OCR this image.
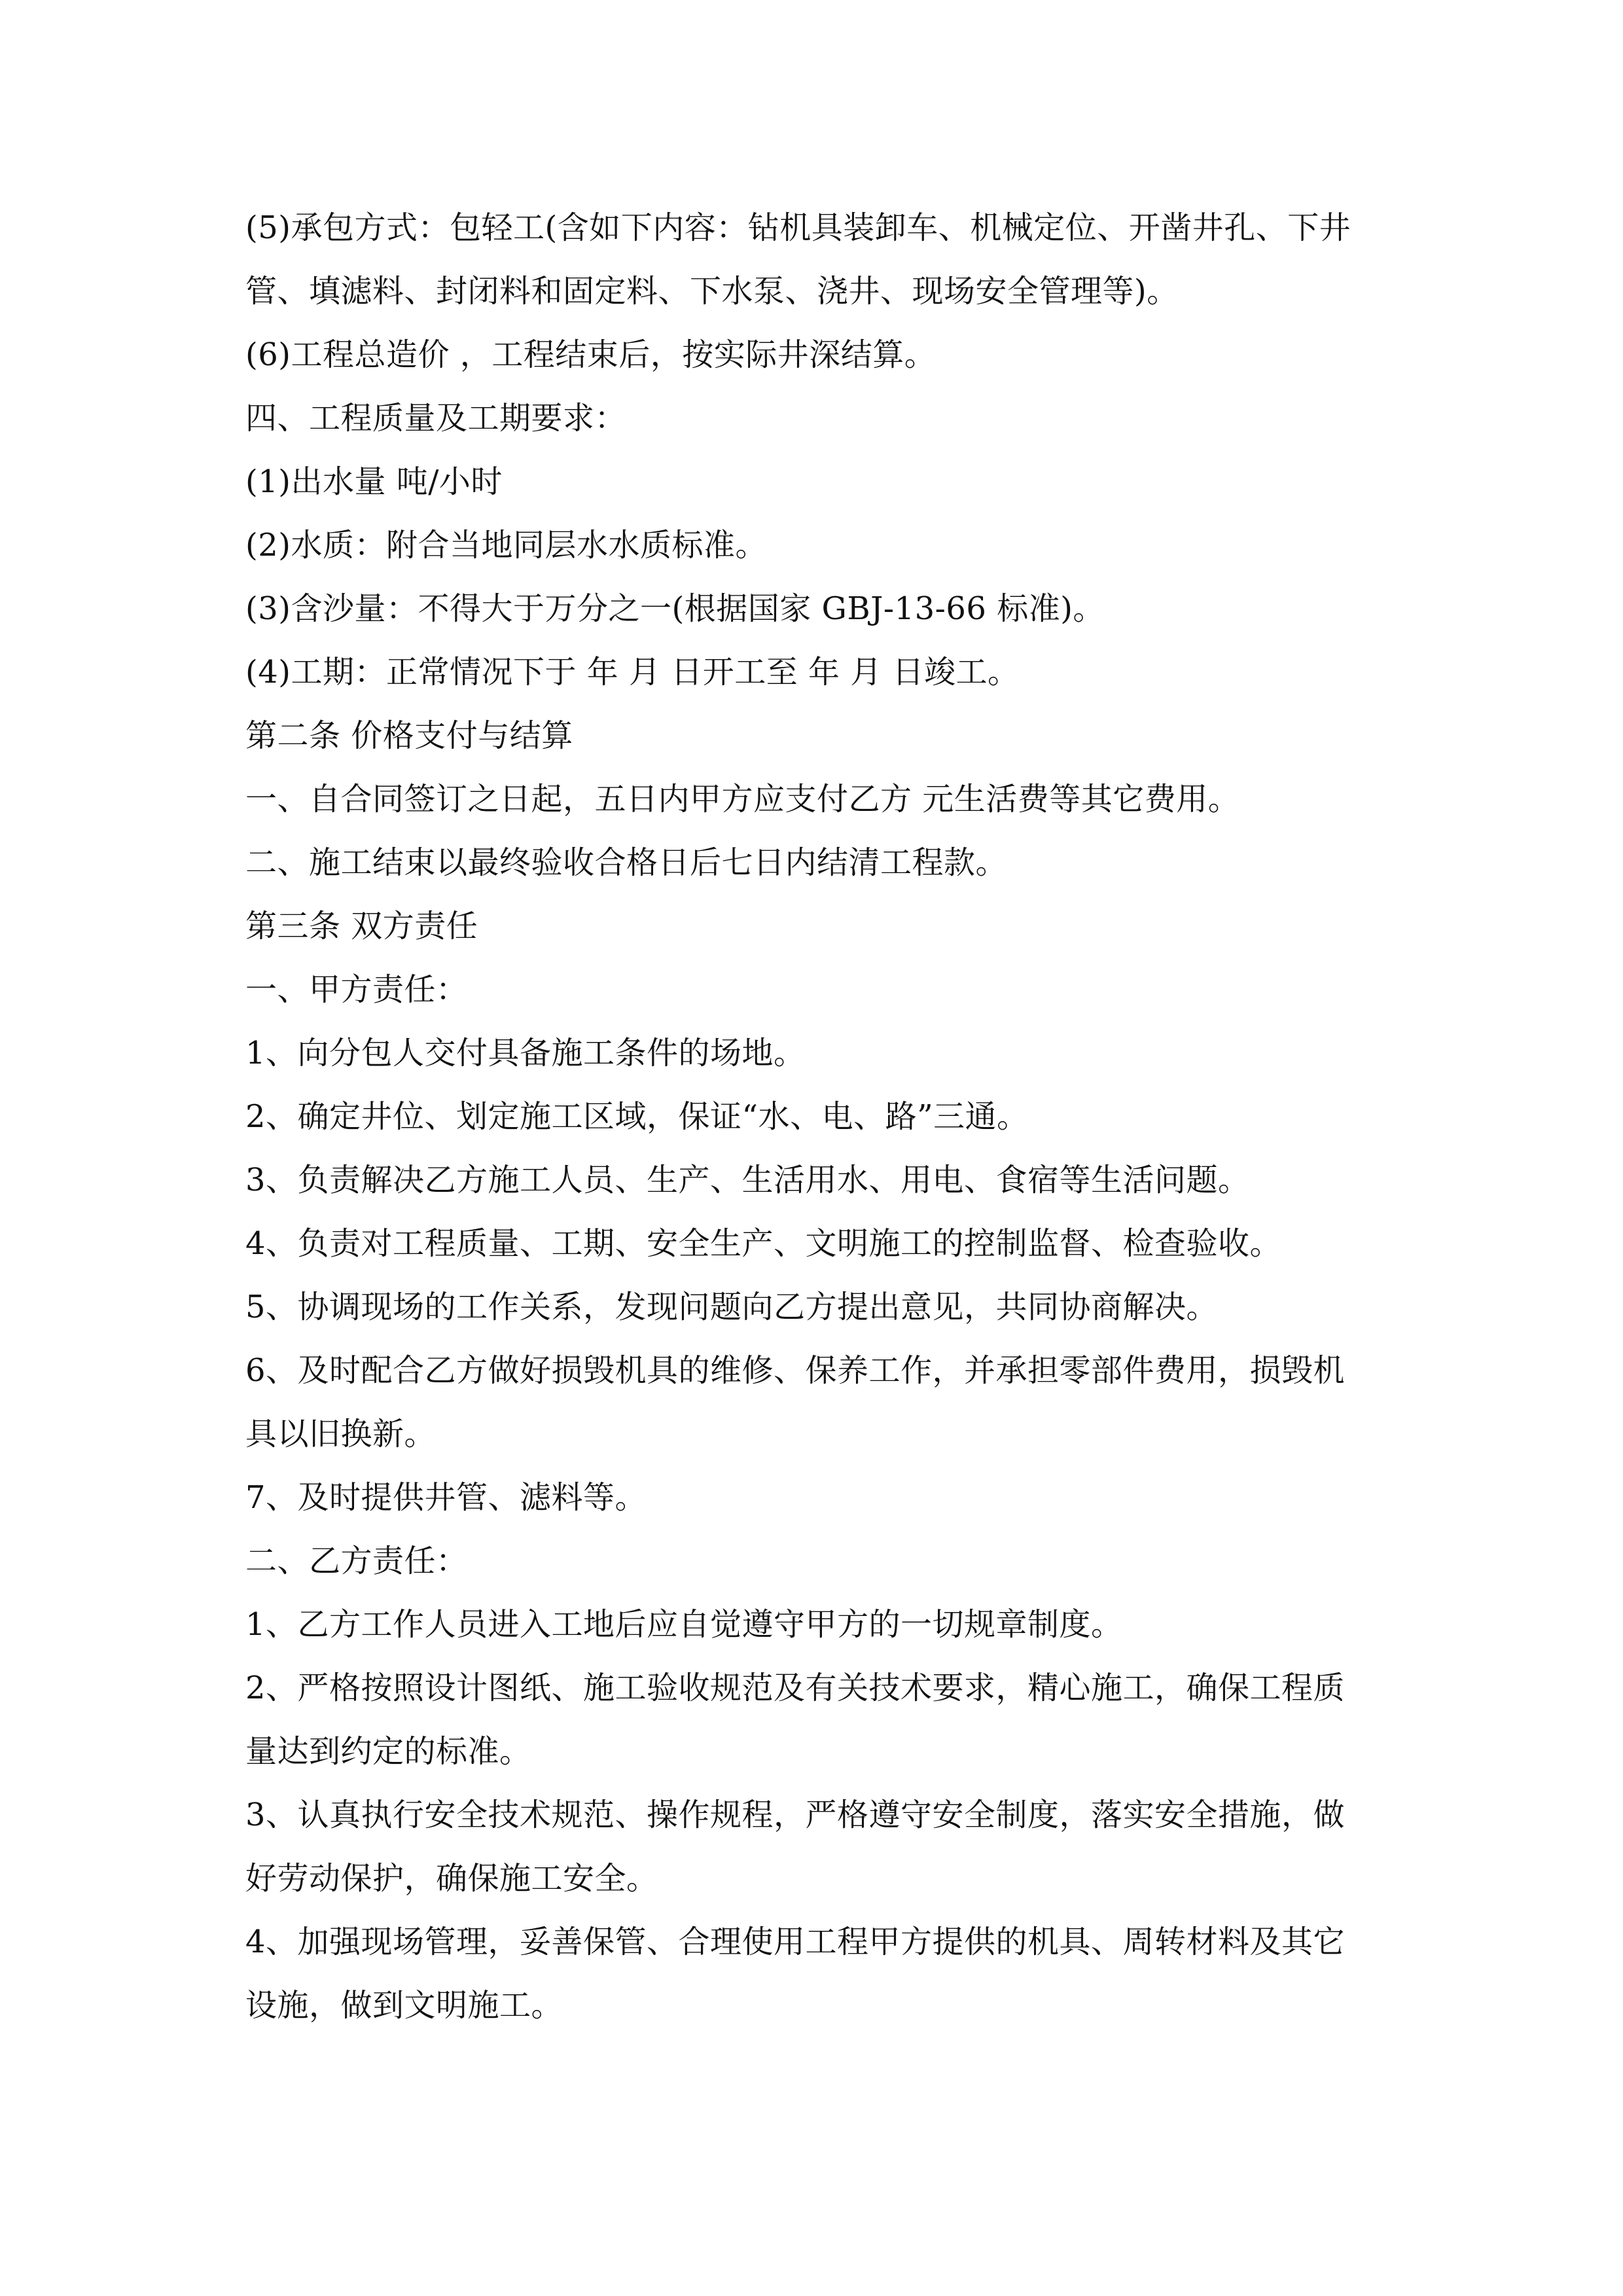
(5)承包方式：包轻工(含如下内容：钻机具装卸车、机械定位、开凿井孔、下井
管、填滤料、封闭料和固定料、下水泵、浇井、现场安全管理等)。
(6)工程总造价 ，工程结束后，按实际井深结算。
四、工程质量及工期要求：
(1)出水量 吨/小时
(2)水质：附合当地同层水水质标准。
(3)含沙量：不得大于万分之一(根据国家 GBJ-13-66 标准)。
(4)工期：正常情况下于 年 月 日开工至 年 月 日竣工。
第二条 价格支付与结算
一、自合同签订之日起，五日内甲方应支付乙方 元生活费等其它费用。
二、施工结束以最终验收合格日后七日内结清工程款。
第三条 双方责任
一、甲方责任：
1、向分包人交付具备施工条件的场地。
2、确定井位、划定施工区域，保证“水、电、路”三通。
3、负责解决乙方施工人员、生产、生活用水、用电、食宿等生活问题。
4、负责对工程质量、工期、安全生产、文明施工的控制监督、检查验收。
5、协调现场的工作关系，发现问题向乙方提出意见，共同协商解决。
6、及时配合乙方做好损毁机具的维修、保养工作，并承担零部件费用，损毁机
具以旧换新。
7、及时提供井管、滤料等。
二、乙方责任：
1、乙方工作人员进入工地后应自觉遵守甲方的一切规章制度。
2、严格按照设计图纸、施工验收规范及有关技术要求，精心施工，确保工程质
量达到约定的标准。
3、认真执行安全技术规范、操作规程，严格遵守安全制度，落实安全措施，做
好劳动保护，确保施工安全。
4、加强现场管理，妥善保管、合理使用工程甲方提供的机具、周转材料及其它
设施，做到文明施工。
